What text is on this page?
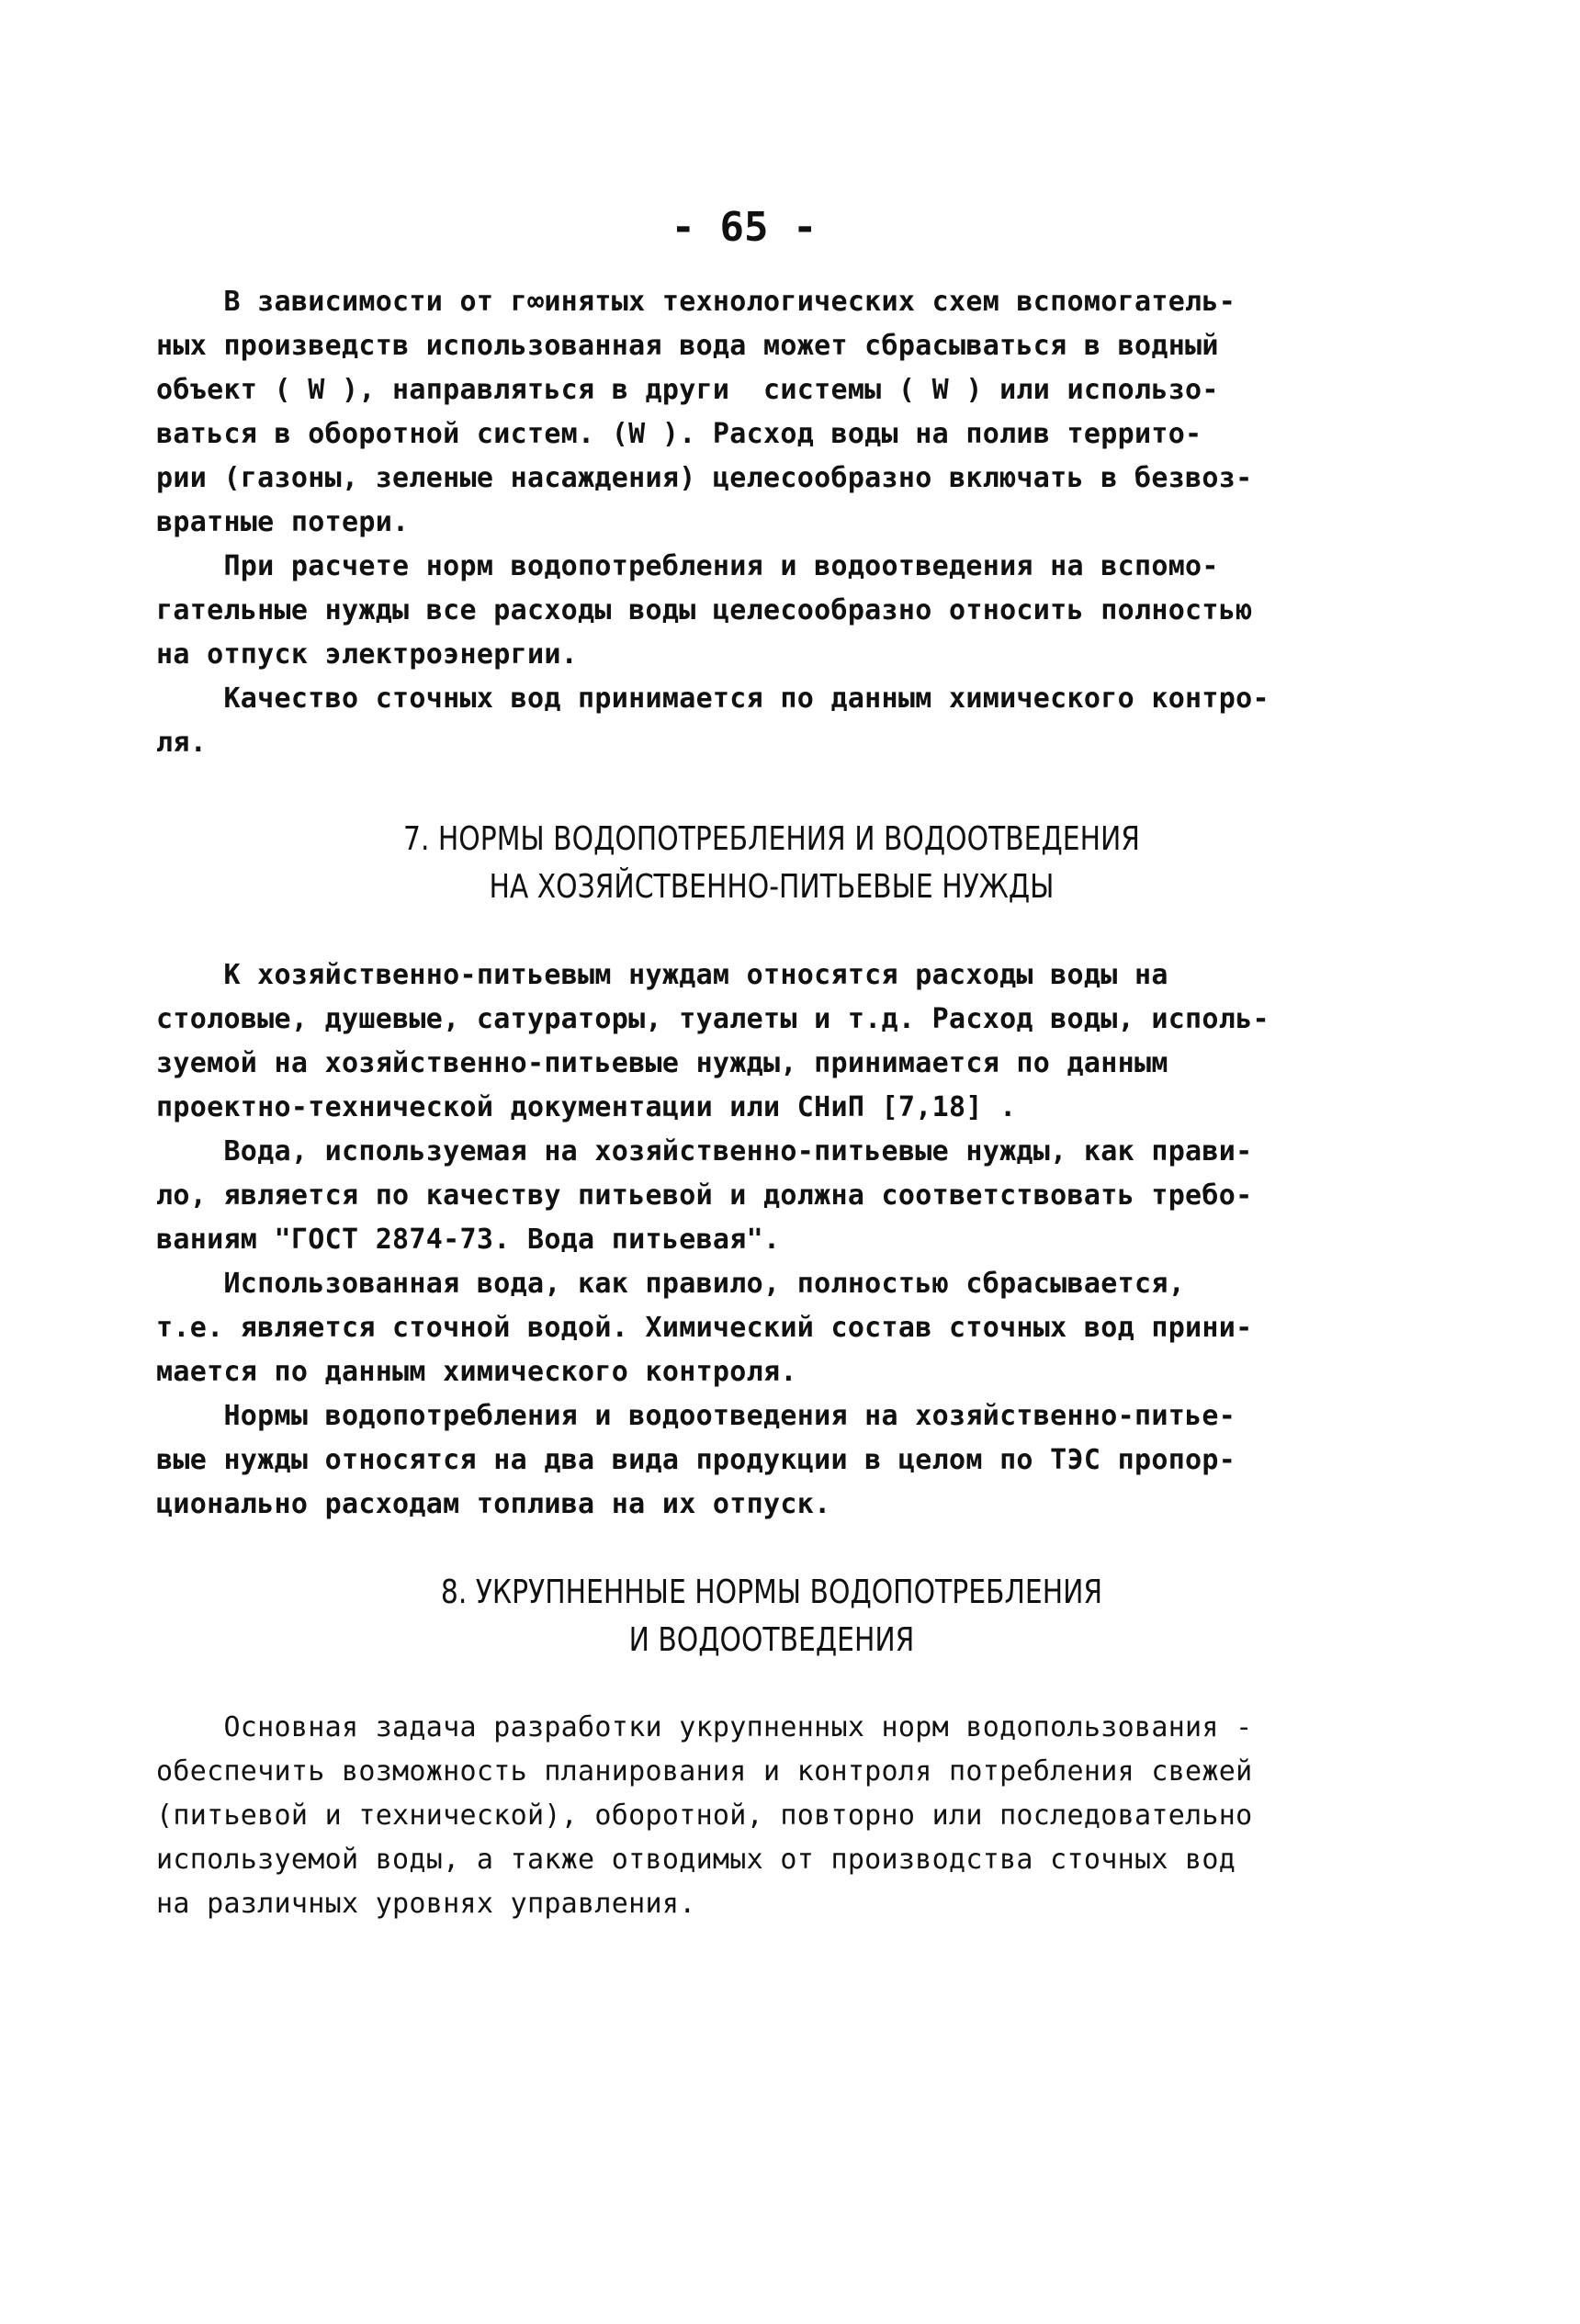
- 65 -
В зависимости от г∞инятых технологических схем вспомогатель-
ных произведств использованная вода может сбрасываться в водный
объект ( W ), направляться в други  системы ( W ) или использо-
ваться в оборотной систем. (W ). Расход воды на полив террито-
рии (газоны, зеленые насаждения) целесообразно включать в безвоз-
вратные потери.
При расчете норм водопотребления и водоотведения на вспомо-
гательные нужды все расходы воды целесообразно относить полностью
на отпуск электроэнергии.
Качество сточных вод принимается по данным химического контро-
ля.
7. НОРМЫ ВОДОПОТРЕБЛЕНИЯ И ВОДООТВЕДЕНИЯ
НА ХОЗЯЙСТВЕННО-ПИТЬЕВЫЕ НУЖДЫ
К хозяйственно-питьевым нуждам относятся расходы воды на
столовые, душевые, сатураторы, туалеты и т.д. Расход воды, исполь-
зуемой на хозяйственно-питьевые нужды, принимается по данным
проектно-технической документации или СНиП [7,18] .
Вода, используемая на хозяйственно-питьевые нужды, как прави-
ло, является по качеству питьевой и должна соответствовать требо-
ваниям "ГОСТ 2874-73. Вода питьевая".
Использованная вода, как правило, полностью сбрасывается,
т.е. является сточной водой. Химический состав сточных вод прини-
мается по данным химического контроля.
Нормы водопотребления и водоотведения на хозяйственно-питье-
вые нужды относятся на два вида продукции в целом по ТЭС пропор-
ционально расходам топлива на их отпуск.
8. УКРУПНЕННЫЕ НОРМЫ ВОДОПОТРЕБЛЕНИЯ
И ВОДООТВЕДЕНИЯ
Основная задача разработки укрупненных норм водопользования -
обеспечить возможность планирования и контроля потребления свежей
(питьевой и технической), оборотной, повторно или последовательно
используемой воды, а также отводимых от производства сточных вод
на различных уровнях управления.
